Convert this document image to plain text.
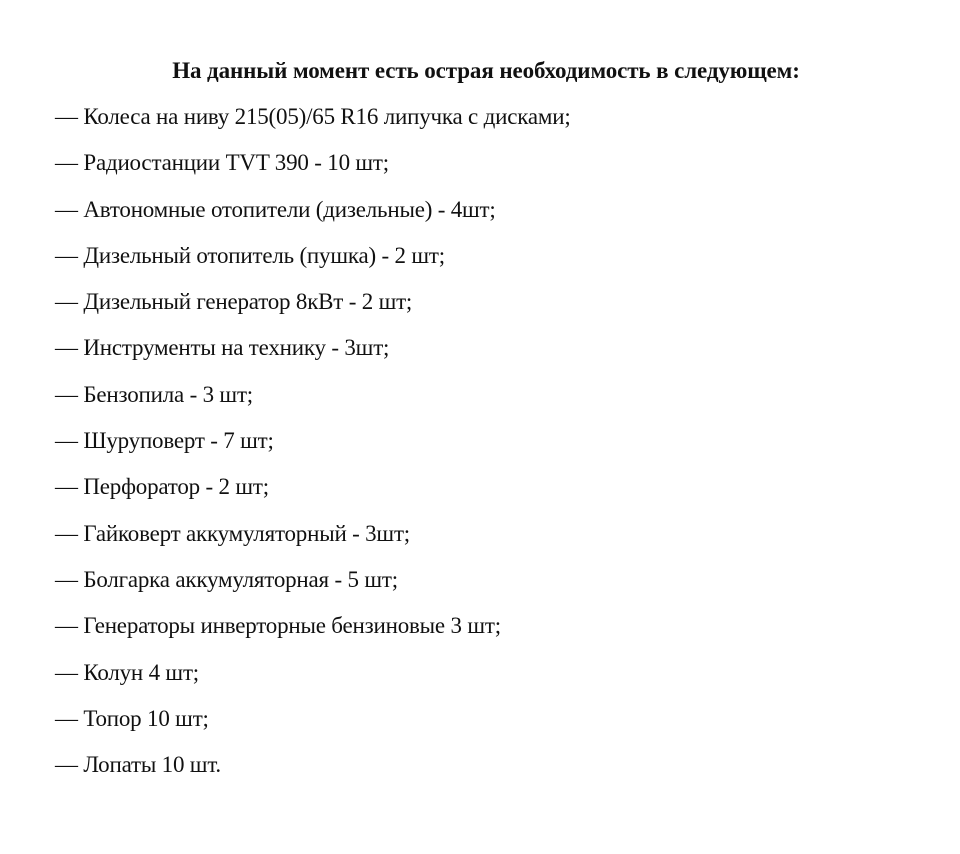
На данный момент есть острая необходимость в следующем:
— Колеса на ниву 215(05)/65 R16 липучка с дисками;
— Радиостанции TVT 390 - 10 шт;
— Автономные отопители (дизельные) - 4шт;
— Дизельный отопитель (пушка) - 2 шт;
— Дизельный генератор 8кВт - 2 шт;
— Инструменты на технику - 3шт;
— Бензопила - 3 шт;
— Шуруповерт - 7 шт;
— Перфоратор - 2 шт;
— Гайковерт аккумуляторный - 3шт;
— Болгарка аккумуляторная - 5 шт;
— Генераторы инверторные бензиновые 3 шт;
— Колун 4 шт;
— Топор 10 шт;
— Лопаты 10 шт.
